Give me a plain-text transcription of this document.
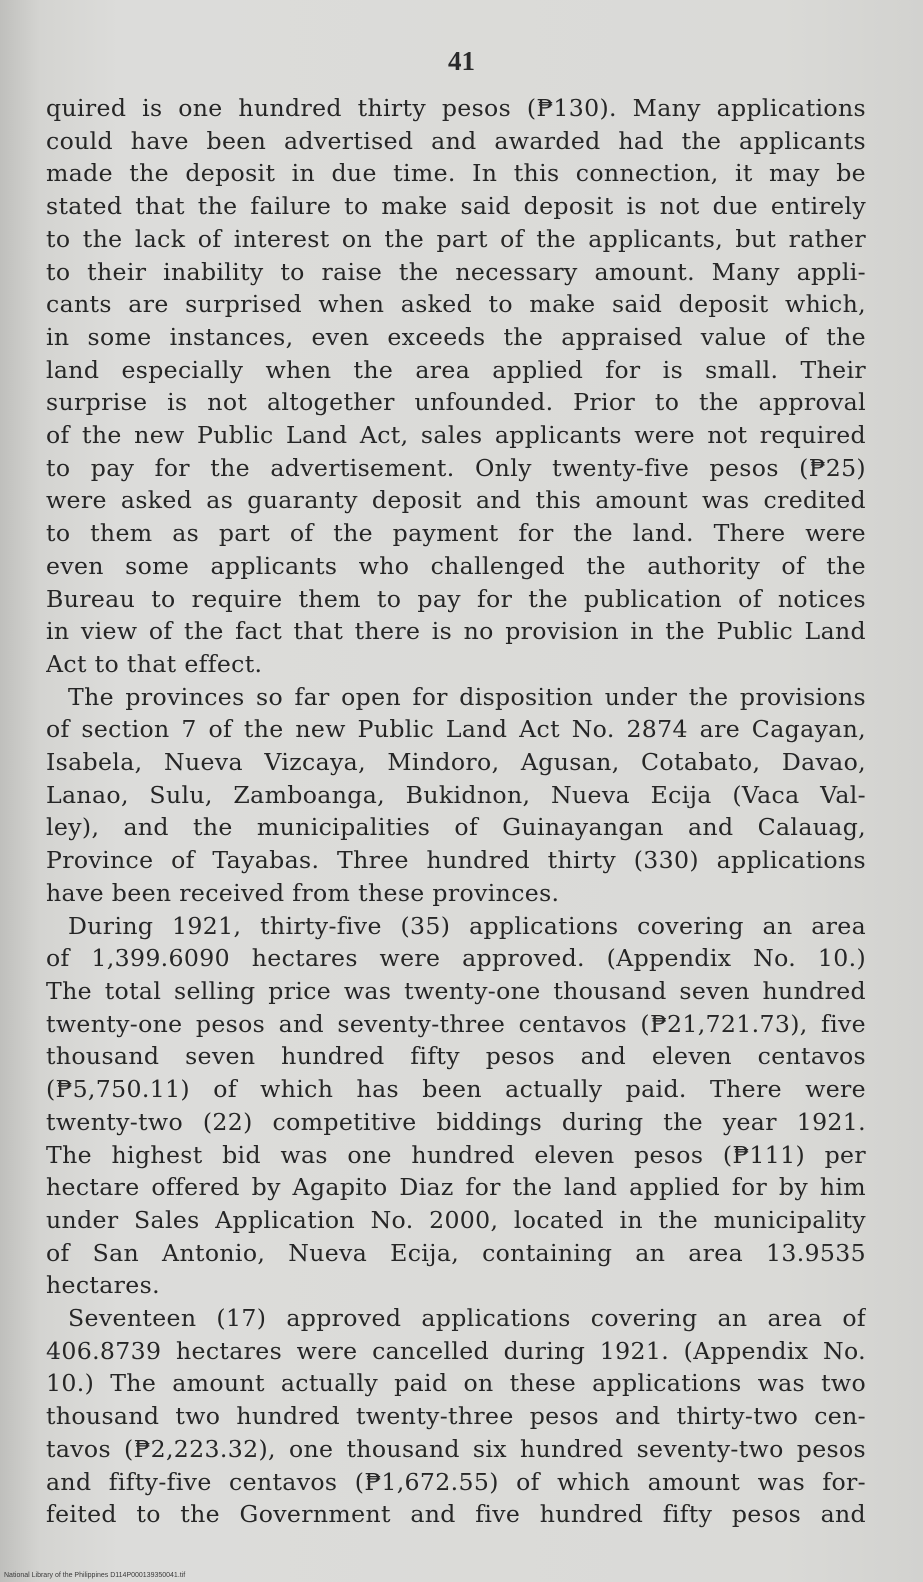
41
quired is one hundred thirty pesos (₱130). Many applications
could have been advertised and awarded had the applicants
made the deposit in due time. In this connection, it may be
stated that the failure to make said deposit is not due entirely
to the lack of interest on the part of the applicants, but rather
to their inability to raise the necessary amount. Many appli-
cants are surprised when asked to make said deposit which,
in some instances, even exceeds the appraised value of the
land especially when the area applied for is small. Their
surprise is not altogether unfounded. Prior to the approval
of the new Public Land Act, sales applicants were not required
to pay for the advertisement. Only twenty-five pesos (₱25)
were asked as guaranty deposit and this amount was credited
to them as part of the payment for the land. There were
even some applicants who challenged the authority of the
Bureau to require them to pay for the publication of notices
in view of the fact that there is no provision in the Public Land
Act to that effect.
The provinces so far open for disposition under the provisions
of section 7 of the new Public Land Act No. 2874 are Cagayan,
Isabela, Nueva Vizcaya, Mindoro, Agusan, Cotabato, Davao,
Lanao, Sulu, Zamboanga, Bukidnon, Nueva Ecija (Vaca Val-
ley), and the municipalities of Guinayangan and Calauag,
Province of Tayabas. Three hundred thirty (330) applications
have been received from these provinces.
During 1921, thirty-five (35) applications covering an area
of 1,399.6090 hectares were approved. (Appendix No. 10.)
The total selling price was twenty-one thousand seven hundred
twenty-one pesos and seventy-three centavos (₱21,721.73), five
thousand seven hundred fifty pesos and eleven centavos
(₱5,750.11) of which has been actually paid. There were
twenty-two (22) competitive biddings during the year 1921.
The highest bid was one hundred eleven pesos (₱111) per
hectare offered by Agapito Diaz for the land applied for by him
under Sales Application No. 2000, located in the municipality
of San Antonio, Nueva Ecija, containing an area 13.9535
hectares.
Seventeen (17) approved applications covering an area of
406.8739 hectares were cancelled during 1921. (Appendix No.
10.) The amount actually paid on these applications was two
thousand two hundred twenty-three pesos and thirty-two cen-
tavos (₱2,223.32), one thousand six hundred seventy-two pesos
and fifty-five centavos (₱1,672.55) of which amount was for-
feited to the Government and five hundred fifty pesos and
National Library of the Philippines D114P000139350041.tif
